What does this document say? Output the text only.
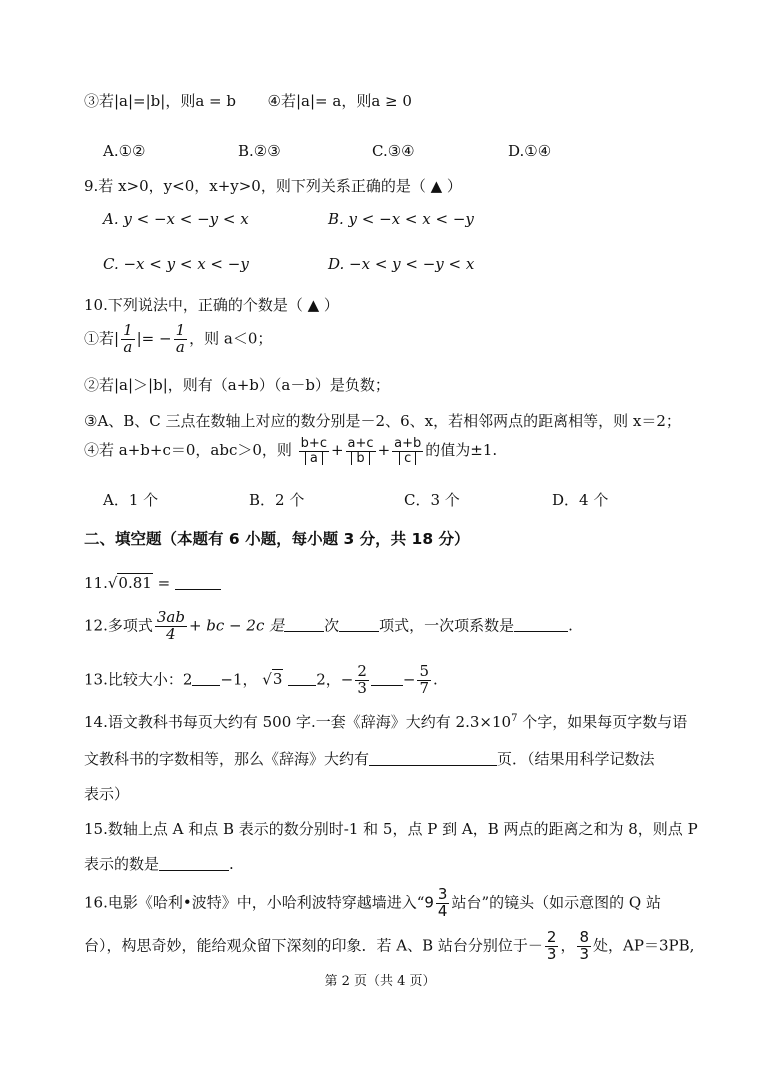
③若|a|=|b|，则a = b ④若|a|= a，则a ≥ 0
A.①②	B.②③	C.③④	D.①④
9.若 x>0，y<0，x+y>0，则下列关系正确的是（ ▲ ）
A. y < −x < −y < x	B. y < −x < x < −y
C. −x < y < x < −y	D. −x < y < −y < x
10.下列说法中，正确的个数是（ ▲ ）
①若| $\frac{1}{a}$ |= − $\frac{1}{a}$ ，则 a＜0；
②若|a|＞|b|，则有（a+b）（a－b）是负数；
③A、B、C 三点在数轴上对应的数分别是－2、6、x，若相邻两点的距离相等，则 x＝2；
④若 a+b+c＝0，abc＞0，则 $\frac{b+c}{a} + \frac{a+c}{b} + \frac{a+b}{c}$ 的值为±1.
A．1 个	B．2 个	C．3 个	D．4 个
二、填空题（本题有 6 小题，每小题 3 分，共 18 分）
11.√0.81 =
12.多项式 $\frac{3ab}{4}$ + bc − 2c 是	次	项式，一次项系数是	.
13.比较大小：2 −1， √3 2，− $\frac{2}{3} - \frac{5}{7}$ .
14.语文教科书每页大约有 500 字.一套《辞海》大约有 $2.3\times 10^7$ 个字，如果每页字数与语
文教科书的字数相等，那么《辞海》大约有	页．（结果用科学记数法
表示）
15.数轴上点 A 和点 B 表示的数分别时-1 和 5，点 P 到 A，B 两点的距离之和为 8，则点 P
表示的数是	.
16.电影《哈利•波特》中，小哈利波特穿越墙进入“$9 \frac{3}{4}$ 站台”的镜头（如示意图的 Q 站
台），构思奇妙，能给观众留下深刻的印象．若 A、B 站台分别位于－ $\frac{2}{3}$ ， $\frac{8}{3}$ 处，AP＝3PB,
第 2 页（共 4 页）
